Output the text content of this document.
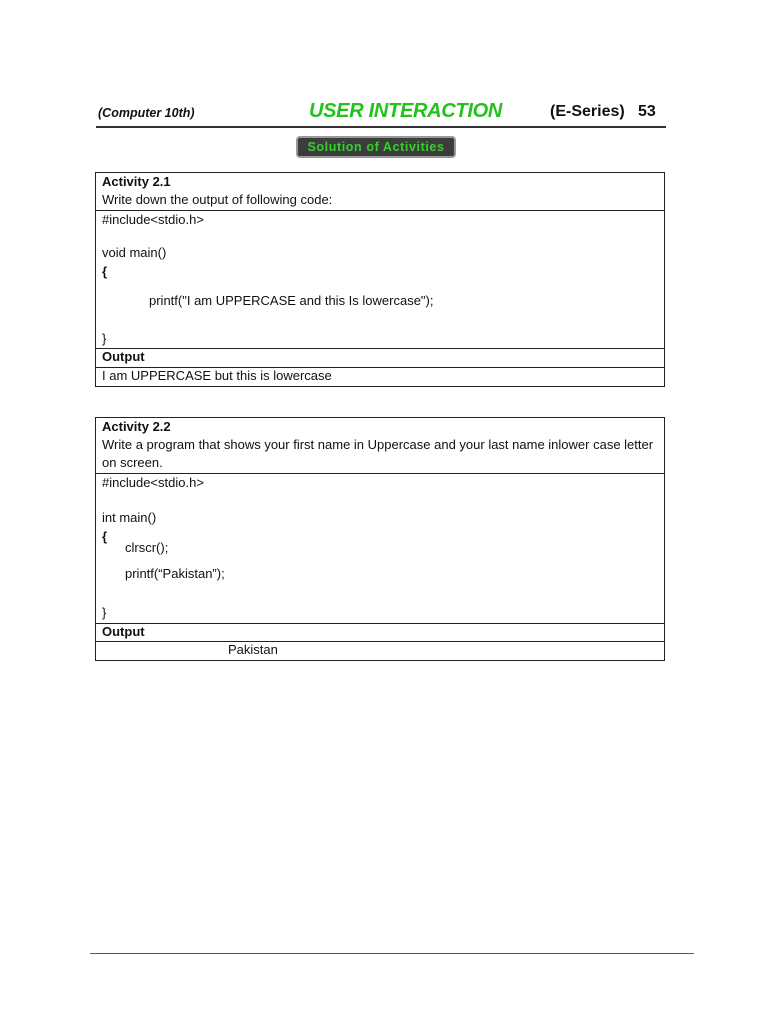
(Computer 10th)	USER INTERACTION	(E-Series) 53
Solution of Activities
Activity 2.1
Write down the output of following code:
#include<stdio.h>
void main()
{
printf("I am UPPERCASE and this Is lowercase");
}
Output
I am UPPERCASE but this is lowercase
Activity 2.2
Write a program that shows your first name in Uppercase and your last name inlower case letter
on screen.
#include<stdio.h>
int main()
{
clrscr();
printf(“Pakistan”);
}
Output
Pakistan
